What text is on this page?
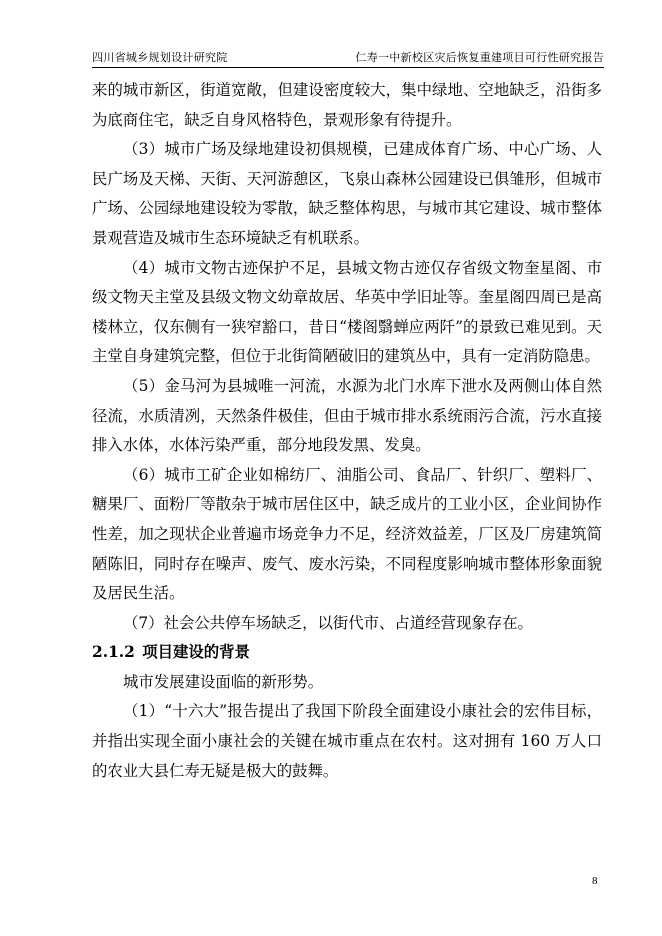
四川省城乡规划设计研究院	仁寿一中新校区灾后恢复重建项目可行性研究报告

来的城市新区，街道宽敞，但建设密度较大，集中绿地、空地缺乏，沿街多为底商住宅，缺乏自身风格特色，景观形象有待提升。

（3）城市广场及绿地建设初俱规模，已建成体育广场、中心广场、人民广场及天梯、天街、天河游憩区，飞泉山森林公园建设已俱雏形，但城市广场、公园绿地建设较为零散，缺乏整体构思，与城市其它建设、城市整体景观营造及城市生态环境缺乏有机联系。

（4）城市文物古迹保护不足，县城文物古迹仅存省级文物奎星阁、市级文物天主堂及县级文物文幼章故居、华英中学旧址等。奎星阁四周已是高楼林立，仅东侧有一狭窄豁口，昔日“楼阁翳蝉应两阡”的景致已难见到。天主堂自身建筑完整，但位于北街简陋破旧的建筑丛中，具有一定消防隐患。

（5）金马河为县城唯一河流，水源为北门水库下泄水及两侧山体自然径流，水质清冽，天然条件极佳，但由于城市排水系统雨污合流，污水直接排入水体，水体污染严重，部分地段发黑、发臭。

（6）城市工矿企业如棉纺厂、油脂公司、食品厂、针织厂、塑料厂、糖果厂、面粉厂等散杂于城市居住区中，缺乏成片的工业小区，企业间协作性差，加之现状企业普遍市场竞争力不足，经济效益差，厂区及厂房建筑简陋陈旧，同时存在噪声、废气、废水污染，不同程度影响城市整体形象面貌及居民生活。

（7）社会公共停车场缺乏，以街代市、占道经营现象存在。

2.1.2 项目建设的背景

城市发展建设面临的新形势。

（1）“十六大”报告提出了我国下阶段全面建设小康社会的宏伟目标，并指出实现全面小康社会的关键在城市重点在农村。这对拥有 160 万人口的农业大县仁寿无疑是极大的鼓舞。

8
